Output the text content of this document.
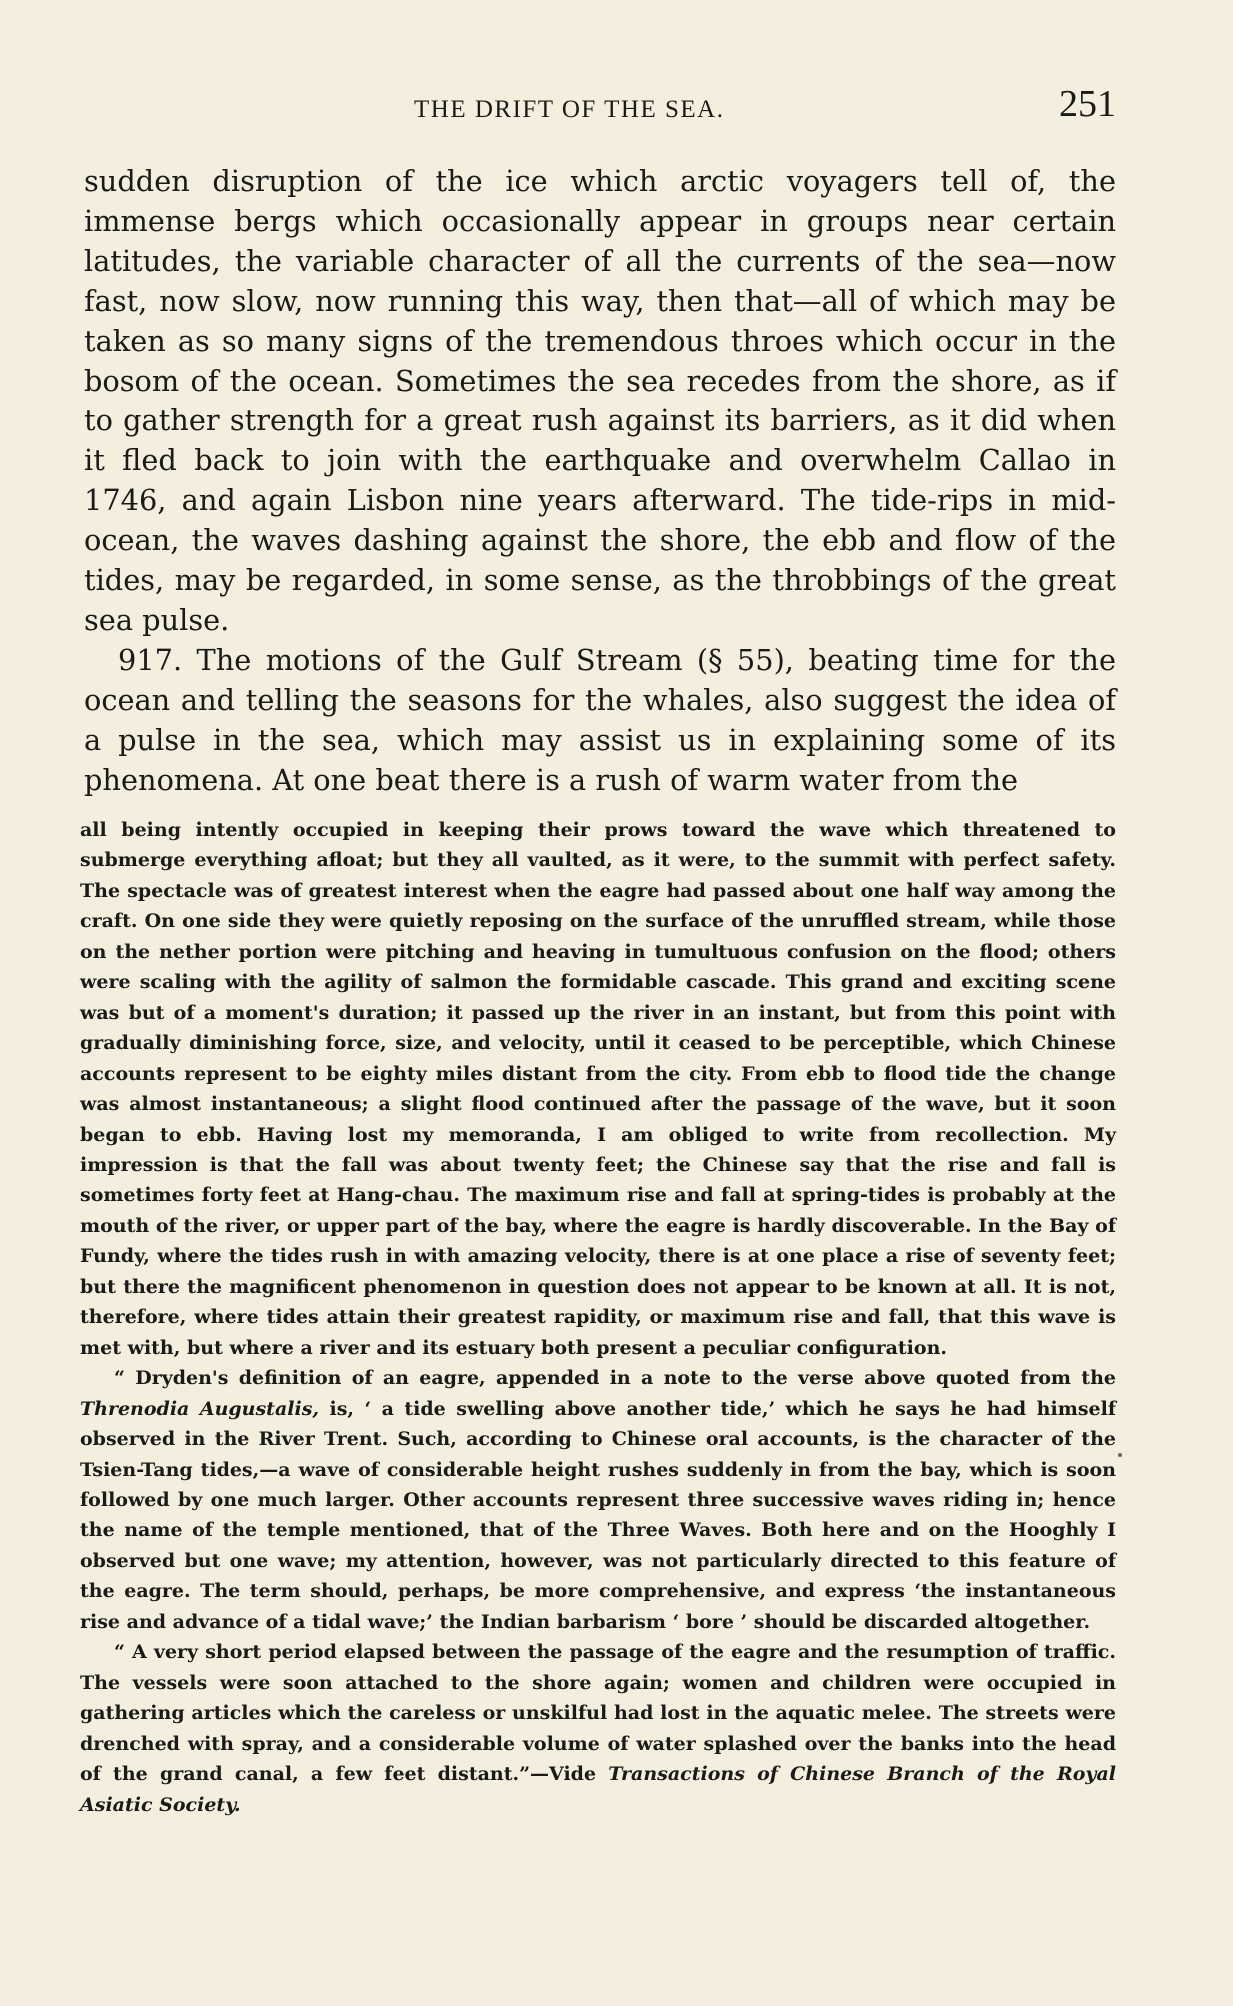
THE DRIFT OF THE SEA.	251

sudden disruption of the ice which arctic voyagers tell of, the immense bergs which occasionally appear in groups near certain latitudes, the variable character of all the currents of the sea—now fast, now slow, now running this way, then that—all of which may be taken as so many signs of the tremendous throes which occur in the bosom of the ocean. Sometimes the sea recedes from the shore, as if to gather strength for a great rush against its barriers, as it did when it fled back to join with the earthquake and overwhelm Callao in 1746, and again Lisbon nine years afterward. The tide-rips in mid-ocean, the waves dashing against the shore, the ebb and flow of the tides, may be regarded, in some sense, as the throbbings of the great sea pulse.

917. The motions of the Gulf Stream (§ 55), beating time for the ocean and telling the seasons for the whales, also suggest the idea of a pulse in the sea, which may assist us in explaining some of its phenomena. At one beat there is a rush of warm water from the

all being intently occupied in keeping their prows toward the wave which threatened to submerge everything afloat; but they all vaulted, as it were, to the summit with perfect safety. The spectacle was of greatest interest when the eagre had passed about one half way among the craft. On one side they were quietly reposing on the surface of the unruffled stream, while those on the nether portion were pitching and heaving in tumultuous confusion on the flood; others were scaling with the agility of salmon the formidable cascade. This grand and exciting scene was but of a moment's duration; it passed up the river in an instant, but from this point with gradually diminishing force, size, and velocity, until it ceased to be perceptible, which Chinese accounts represent to be eighty miles distant from the city. From ebb to flood tide the change was almost instantaneous; a slight flood continued after the passage of the wave, but it soon began to ebb. Having lost my memoranda, I am obliged to write from recollection. My impression is that the fall was about twenty feet; the Chinese say that the rise and fall is sometimes forty feet at Hang-chau. The maximum rise and fall at spring-tides is probably at the mouth of the river, or upper part of the bay, where the eagre is hardly discoverable. In the Bay of Fundy, where the tides rush in with amazing velocity, there is at one place a rise of seventy feet; but there the magnificent phenomenon in question does not appear to be known at all. It is not, therefore, where tides attain their greatest rapidity, or maximum rise and fall, that this wave is met with, but where a river and its estuary both present a peculiar configuration.

“ Dryden's definition of an eagre, appended in a note to the verse above quoted from the Threnodia Augustalis, is, ‘ a tide swelling above another tide,’ which he says he had himself observed in the River Trent. Such, according to Chinese oral accounts, is the character of the Tsien-Tang tides,—a wave of considerable height rushes suddenly in from the bay, which is soon followed by one much larger. Other accounts represent three successive waves riding in; hence the name of the temple mentioned, that of the Three Waves. Both here and on the Hooghly I observed but one wave; my attention, however, was not particularly directed to this feature of the eagre. The term should, perhaps, be more comprehensive, and express ‘the instantaneous rise and advance of a tidal wave;’ the Indian barbarism ‘ bore ’ should be discarded altogether.

“ A very short period elapsed between the passage of the eagre and the resumption of traffic. The vessels were soon attached to the shore again; women and children were occupied in gathering articles which the careless or unskilful had lost in the aquatic melee. The streets were drenched with spray, and a considerable volume of water splashed over the banks into the head of the grand canal, a few feet distant.”—Vide Transactions of Chinese Branch of the Royal Asiatic Society.
